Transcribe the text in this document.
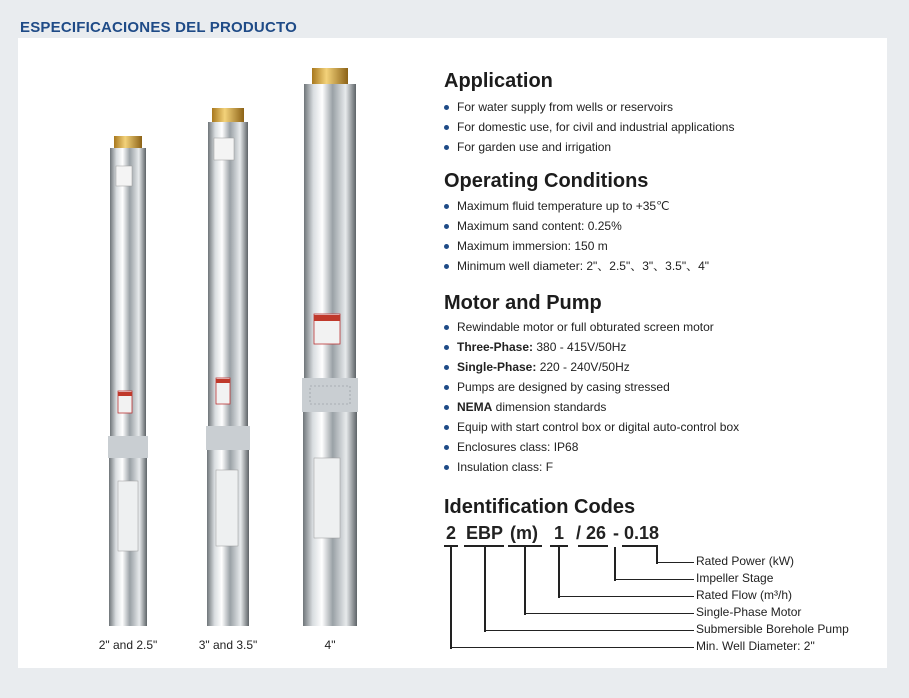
ESPECIFICACIONES DEL PRODUCTO
2" and 2.5"	3" and 3.5"	4"
Application
For water supply from wells or reservoirs
For domestic use, for civil and industrial applications
For garden use and irrigation
Operating Conditions
Maximum fluid temperature up to +35℃
Maximum sand content: 0.25%
Maximum immersion: 150 m
Minimum well diameter: 2"、2.5"、3"、3.5"、4"
Motor and Pump
Rewindable motor or full obturated screen motor
Three-Phase: 380 - 415V/50Hz
Single-Phase: 220 - 240V/50Hz
Pumps are designed by casing stressed
NEMA dimension standards
Equip with start control box or digital auto-control box
Enclosures class: IP68
Insulation class: F
Identification Codes
2 EBP (m) 1 / 26 - 0.18
Rated Power (kW)
Impeller Stage
Rated Flow (m³/h)
Single-Phase Motor
Submersible Borehole Pump
Min. Well Diameter: 2"
